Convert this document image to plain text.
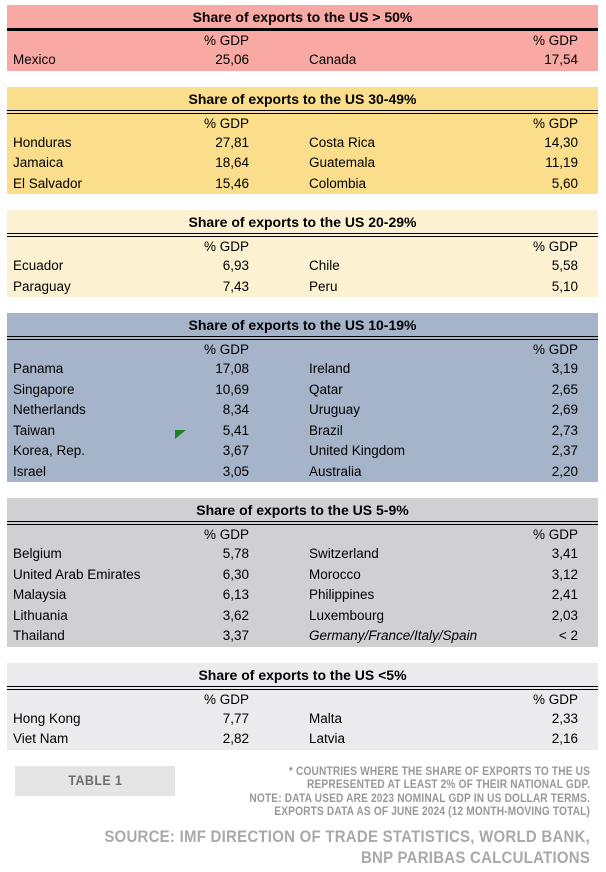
Share of exports to the US > 50%
% GDP	% GDP
Mexico	25,06	Canada	17,54
Share of exports to the US 30-49%
% GDP	% GDP
Honduras	27,81	Costa Rica	14,30
Jamaica	18,64	Guatemala	11,19
El Salvador	15,46	Colombia	5,60
Share of exports to the US 20-29%
% GDP	% GDP
Ecuador	6,93	Chile	5,58
Paraguay	7,43	Peru	5,10
Share of exports to the US 10-19%
% GDP	% GDP
Panama	17,08	Ireland	3,19
Singapore	10,69	Qatar	2,65
Netherlands	8,34	Uruguay	2,69
Taiwan	5,41	Brazil	2,73
Korea, Rep.	3,67	United Kingdom	2,37
Israel	3,05	Australia	2,20
Share of exports to the US 5-9%
% GDP	% GDP
Belgium	5,78	Switzerland	3,41
United Arab Emirates	6,30	Morocco	3,12
Malaysia	6,13	Philippines	2,41
Lithuania	3,62	Luxembourg	2,03
Thailand	3,37	Germany/France/Italy/Spain	< 2
Share of exports to the US <5%
% GDP	% GDP
Hong Kong	7,77	Malta	2,33
Viet Nam	2,82	Latvia	2,16
TABLE 1
* COUNTRIES WHERE THE SHARE OF EXPORTS TO THE US
REPRESENTED AT LEAST 2% OF THEIR NATIONAL GDP.
NOTE: DATA USED ARE 2023 NOMINAL GDP IN US DOLLAR TERMS.
EXPORTS DATA AS OF JUNE 2024 (12 MONTH-MOVING TOTAL)
SOURCE: IMF DIRECTION OF TRADE STATISTICS, WORLD BANK,
BNP PARIBAS CALCULATIONS
